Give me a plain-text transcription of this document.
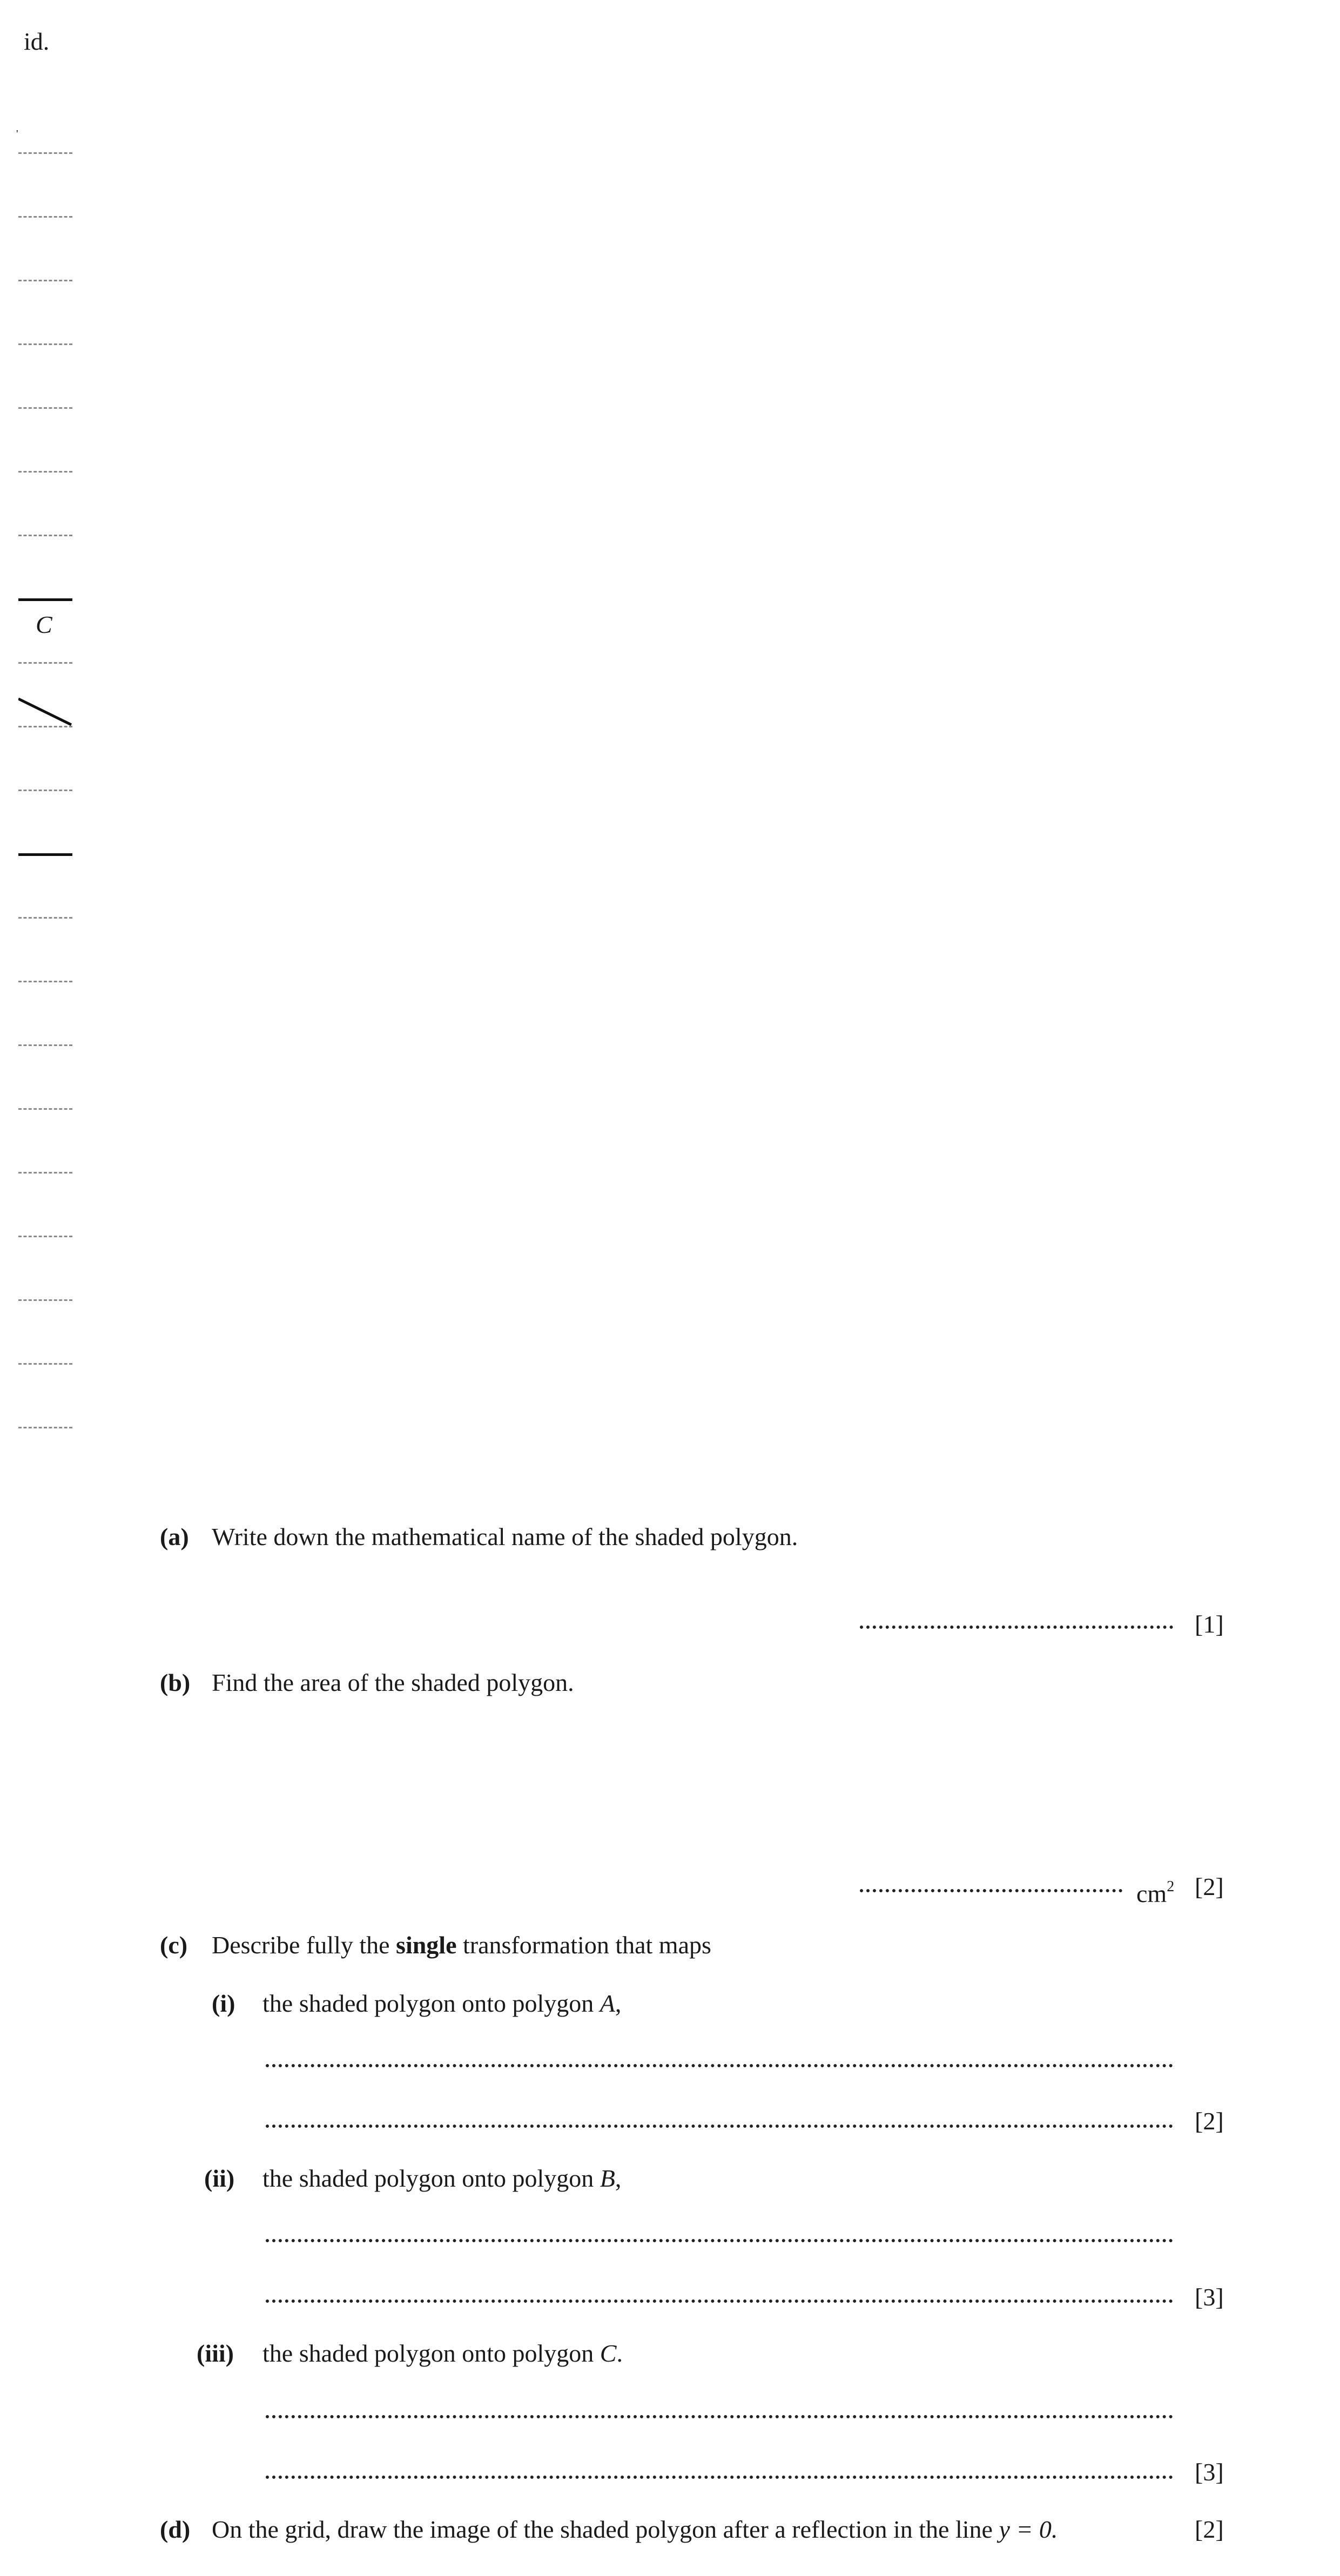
id.
'
C
(a) Write down the mathematical name of the shaded polygon.
[1]
(b) Find the area of the shaded polygon.
$cm^2$ [2]
(c) Describe fully the single transformation that maps
(i) the shaded polygon onto polygon A,
[2]
(ii) the shaded polygon onto polygon B,
[3]
(iii) the shaded polygon onto polygon C.
[3]
(d) On the grid, draw the image of the shaded polygon after a reflection in the line y = 0.	[2]
